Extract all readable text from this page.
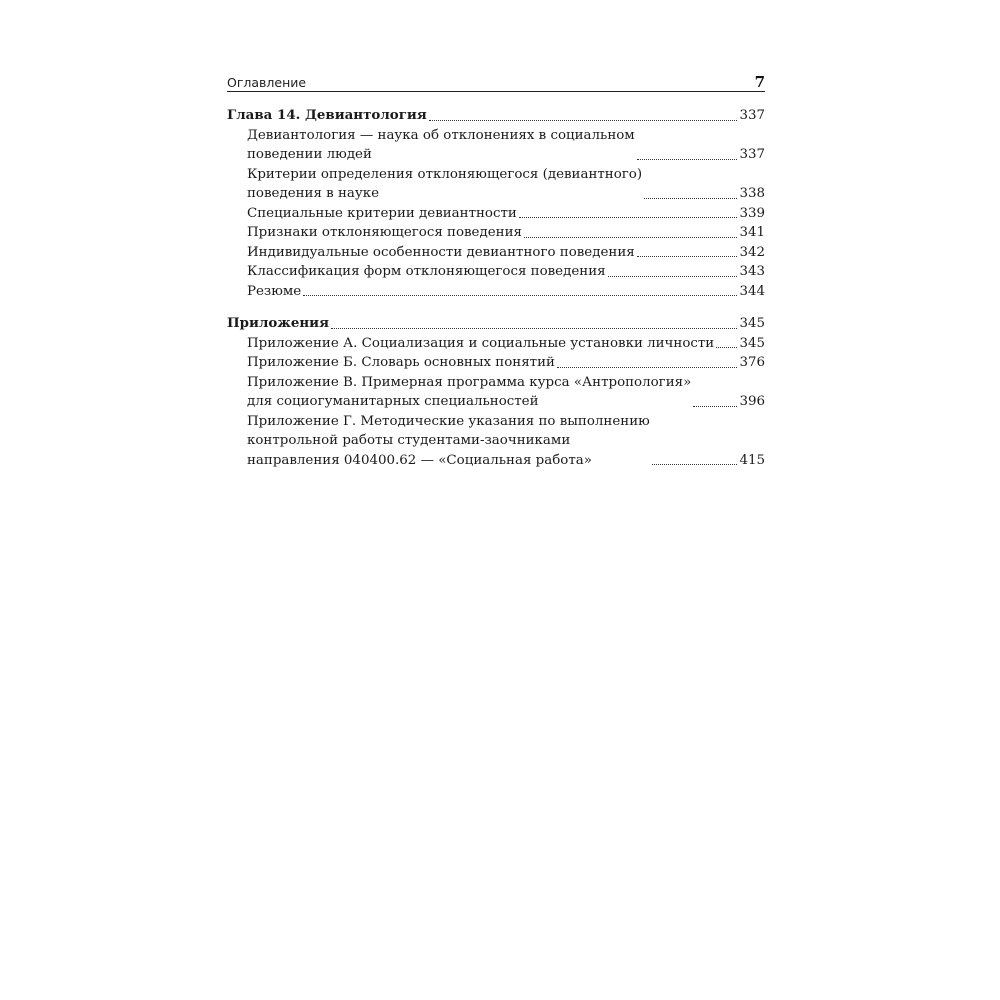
Оглавление	7
Глава 14. Девиантология	337
Девиантология — наука об отклонениях в социальном
поведении людей	337
Критерии определения отклоняющегося (девиантного)
поведения в науке	338
Специальные критерии девиантности	339
Признаки отклоняющегося поведения	341
Индивидуальные особенности девиантного поведения	342
Классификация форм отклоняющегося поведения	343
Резюме	344
Приложения	345
Приложение А. Социализация и социальные установки личности 345
Приложение Б. Словарь основных понятий	376
Приложение В. Примерная программа курса «Антропология»
для социогуманитарных специальностей	396
Приложение Г. Методические указания по выполнению
контрольной работы студентами-заочниками
направления 040400.62 — «Социальная работа»	415
